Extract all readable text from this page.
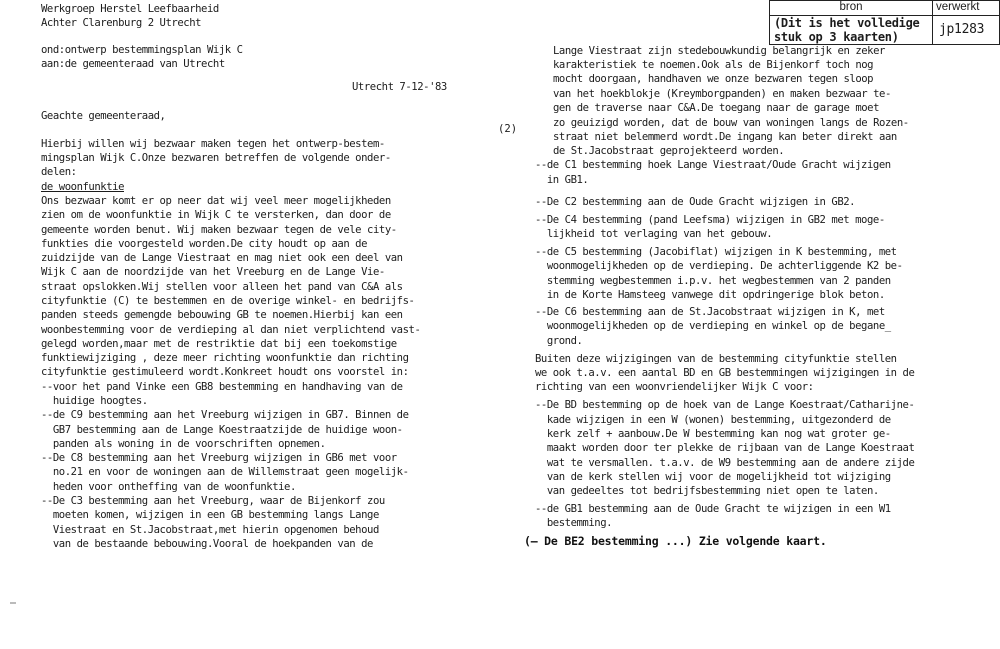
bron	verwerkt
(Dit is het volledige
stuk op 3 kaarten)	jp1283
Werkgroep Herstel Leefbaarheid
Achter Clarenburg 2 Utrecht
ond:ontwerp bestemmingsplan Wijk C
aan:de gemeenteraad van Utrecht
Utrecht 7-12-'83
Geachte gemeenteraad,
Hierbij willen wij bezwaar maken tegen het ontwerp-bestem-
mingsplan Wijk C.Onze bezwaren betreffen de volgende onder-
delen:
de woonfunktie
Ons bezwaar komt er op neer dat wij veel meer mogelijkheden
zien om de woonfunktie in Wijk C te versterken, dan door de
gemeente worden benut. Wij maken bezwaar tegen de vele city-
funkties die voorgesteld worden.De city houdt op aan de
zuidzijde van de Lange Viestraat en mag niet ook een deel van
Wijk C aan de noordzijde van het Vreeburg en de Lange Vie-
straat opslokken.Wij stellen voor alleen het pand van C&A als
cityfunktie (C) te bestemmen en de overige winkel- en bedrijfs-
panden steeds gemengde bebouwing GB te noemen.Hierbij kan een
woonbestemming voor de verdieping al dan niet verplichtend vast-
gelegd worden,maar met de restriktie dat bij een toekomstige
funktiewijziging , deze meer richting woonfunktie dan richting
cityfunktie gestimuleerd wordt.Konkreet houdt ons voorstel in:
--voor het pand Vinke een GB8 bestemming en handhaving van de
huidige hoogtes.
--de C9 bestemming aan het Vreeburg wijzigen in GB7. Binnen de
GB7 bestemming aan de Lange Koestraatzijde de huidige woon-
panden als woning in de voorschriften opnemen.
--De C8 bestemming aan het Vreeburg wijzigen in GB6 met voor
no.21 en voor de woningen aan de Willemstraat geen mogelijk-
heden voor ontheffing van de woonfunktie.
--De C3 bestemming aan het Vreeburg, waar de Bijenkorf zou
moeten komen, wijzigen in een GB bestemming langs Lange
Viestraat en St.Jacobstraat,met hierin opgenomen behoud
van de bestaande bebouwing.Vooral de hoekpanden van de
(2)
Lange Viestraat zijn stedebouwkundig belangrijk en zeker
karakteristiek te noemen.Ook als de Bijenkorf toch nog
mocht doorgaan, handhaven we onze bezwaren tegen sloop
van het hoekblokje (Kreymborgpanden) en maken bezwaar te-
gen de traverse naar C&A.De toegang naar de garage moet
zo geuizigd worden, dat de bouw van woningen langs de Rozen-
straat niet belemmerd wordt.De ingang kan beter direkt aan
de St.Jacobstraat geprojekteerd worden.
--de C1 bestemming hoek Lange Viestraat/Oude Gracht wijzigen
in GB1.
--De C2 bestemming aan de Oude Gracht wijzigen in GB2.
--De C4 bestemming (pand Leefsma) wijzigen in GB2 met moge-
lijkheid tot verlaging van het gebouw.
--de C5 bestemming (Jacobiflat) wijzigen in K bestemming, met
woonmogelijkheden op de verdieping. De achterliggende K2 be-
stemming wegbestemmen i.p.v. het wegbestemmen van 2 panden
in de Korte Hamsteeg vanwege dit opdringerige blok beton.
--De C6 bestemming aan de St.Jacobstraat wijzigen in K, met
woonmogelijkheden op de verdieping en winkel op de begane_
grond.
Buiten deze wijzigingen van de bestemming cityfunktie stellen
we ook t.a.v. een aantal BD en GB bestemmingen wijzigingen in de
richting van een woonvriendelijker Wijk C voor:
--De BD bestemming op de hoek van de Lange Koestraat/Catharijne-
kade wijzigen in een W (wonen) bestemming, uitgezonderd de
kerk zelf + aanbouw.De W bestemming kan nog wat groter ge-
maakt worden door ter plekke de rijbaan van de Lange Koestraat
wat te versmallen. t.a.v. de W9 bestemming aan de andere zijde
van de kerk stellen wij voor de mogelijkheid tot wijziging
van gedeeltes tot bedrijfsbestemming niet open te laten.
--de GB1 bestemming aan de Oude Gracht te wijzigen in een W1
bestemming.
(— De BE2 bestemming ...) Zie volgende kaart.
